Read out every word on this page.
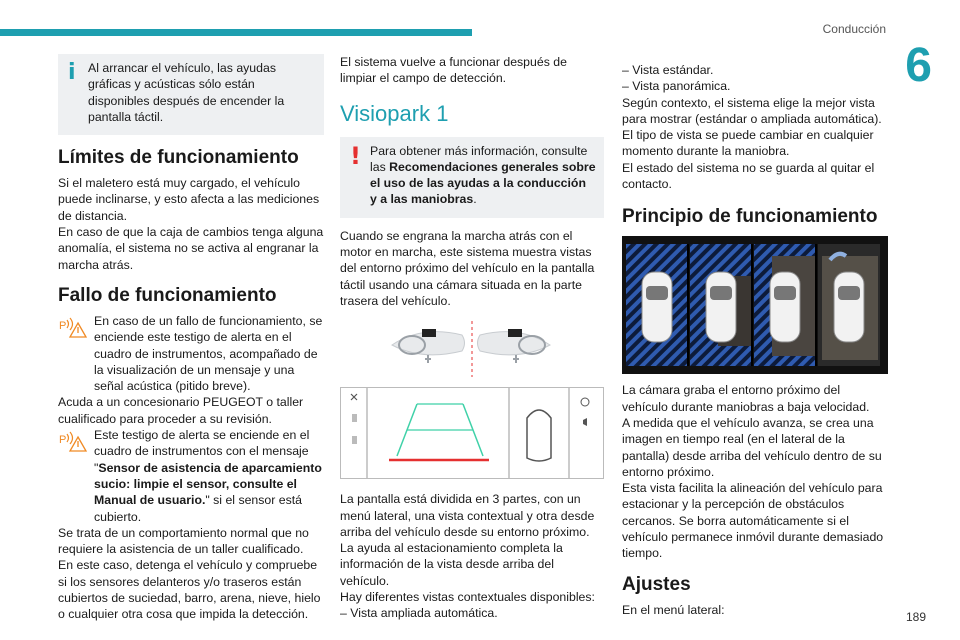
Conducción
6
i	Al arrancar el vehículo, las ayudas gráficas y acústicas sólo están disponibles después de encender la pantalla táctil.

Límites de funcionamiento

Si el maletero está muy cargado, el vehículo puede inclinarse, y esto afecta a las mediciones de distancia.

En caso de que la caja de cambios tenga alguna anomalía, el sistema no se activa al engranar la marcha atrás.

Fallo de funcionamiento
P En caso de un fallo de funcionamiento, se enciende este testigo de alerta en el cuadro de instrumentos, acompañado de la visualización de un mensaje y una señal acústica (pitido breve).

Acuda a un concesionario PEUGEOT o taller cualificado para proceder a su revisión.

P Este testigo de alerta se enciende en el cuadro de instrumentos con el mensaje "Sensor de asistencia de aparcamiento sucio: limpie el sensor, consulte el Manual de usuario." si el sensor está cubierto.

Se trata de un comportamiento normal que no requiere la asistencia de un taller cualificado.

En este caso, detenga el vehículo y compruebe si los sensores delanteros y/o traseros están cubiertos de suciedad, barro, arena, nieve, hielo o cualquier otra cosa que impida la detección.

El sistema vuelve a funcionar después de limpiar el campo de detección.

Visiopark 1
! Para obtener más información, consulte las Recomendaciones generales sobre el uso de las ayudas a la conducción y a las maniobras.

Cuando se engrana la marcha atrás con el motor en marcha, este sistema muestra vistas del entorno próximo del vehículo en la pantalla táctil usando una cámara situada en la parte trasera del vehículo.

La pantalla está dividida en 3 partes, con un menú lateral, una vista contextual y otra desde arriba del vehículo desde su entorno próximo.

La ayuda al estacionamiento completa la información de la vista desde arriba del vehículo.

Hay diferentes vistas contextuales disponibles:

– Vista ampliada automática.

– Vista estándar.

– Vista panorámica.

Según contexto, el sistema elige la mejor vista para mostrar (estándar o ampliada automática).

El tipo de vista se puede cambiar en cualquier momento durante la maniobra.

El estado del sistema no se guarda al quitar el contacto.

Principio de funcionamiento

La cámara graba el entorno próximo del vehículo durante maniobras a baja velocidad.

A medida que el vehículo avanza, se crea una imagen en tiempo real (en el lateral de la pantalla) desde arriba del vehículo dentro de su entorno próximo.

Esta vista facilita la alineación del vehículo para estacionar y la percepción de obstáculos cercanos. Se borra automáticamente si el vehículo permanece inmóvil durante demasiado tiempo.

Ajustes

En el menú lateral:

189
